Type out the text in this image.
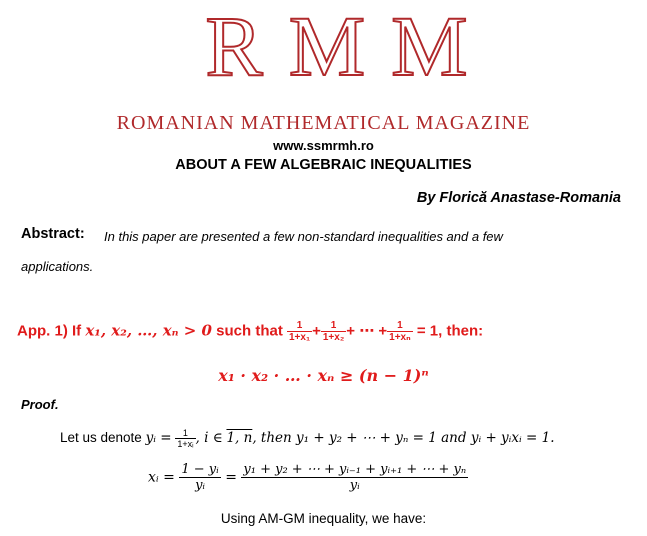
RMM
ROMANIAN MATHEMATICAL MAGAZINE
www.ssmrmh.ro
ABOUT A FEW ALGEBRAIC INEQUALITIES
By Florică Anastase-Romania
Abstract: In this paper are presented a few non-standard inequalities and a few
applications.
App. 1) If x₁, x₂, …, xₙ > 0 such that $\frac{1}{\text{1+x₁}} + \frac{1}{\text{1+x₂}}$ + ⋯ + $\frac{1}{\text{1+xₙ}} = 1$, then:
x₁ · x₂ · … · xₙ ≥ (n − 1)ⁿ
Proof.
Let us denote yᵢ = $\frac{1}{\text{1+xᵢ}}$ , i ∈ 1, n, then y₁ + y₂ + ⋯ + yₙ = 1 and yᵢ + yᵢxᵢ = 1.
xᵢ = $\frac{\text{1 − yᵢ}}{\text{yᵢ}} = \frac{\text{y₁ + y₂ + ⋯ + yᵢ₋₁ + yᵢ₊₁ + ⋯ + yₙ}}{\text{yᵢ}}$
Using AM-GM inequality, we have:
